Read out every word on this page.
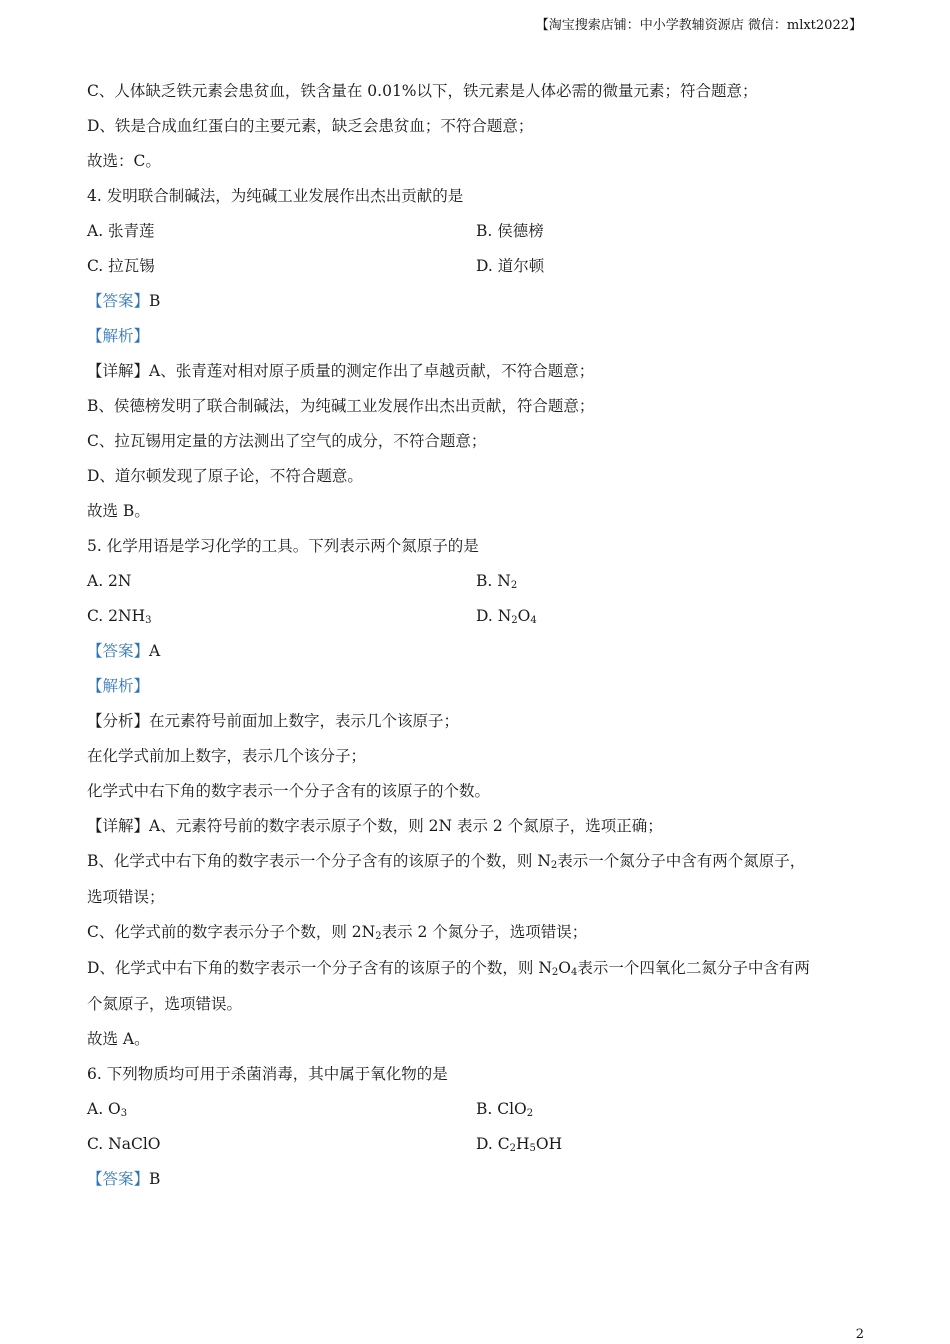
【淘宝搜索店铺：中小学教辅资源店 微信：mlxt2022】
C、人体缺乏铁元素会患贫血，铁含量在 0.01%以下，铁元素是人体必需的微量元素；符合题意；
D、铁是合成血红蛋白的主要元素，缺乏会患贫血；不符合题意；
故选：C。
4. 发明联合制碱法，为纯碱工业发展作出杰出贡献的是
A. 张青莲	B. 侯德榜
C. 拉瓦锡	D. 道尔顿
【答案】B
【解析】
【详解】A、张青莲对相对原子质量的测定作出了卓越贡献，不符合题意；
B、侯德榜发明了联合制碱法，为纯碱工业发展作出杰出贡献，符合题意；
C、拉瓦锡用定量的方法测出了空气的成分，不符合题意；
D、道尔顿发现了原子论，不符合题意。
故选 B。
5. 化学用语是学习化学的工具。下列表示两个氮原子的是
A. 2N	B. $N_2$
C. $2NH_3$	D. $N_2O_4$
【答案】A
【解析】
【分析】在元素符号前面加上数字，表示几个该原子；
在化学式前加上数字，表示几个该分子；
化学式中右下角的数字表示一个分子含有的该原子的个数。
【详解】A、元素符号前的数字表示原子个数，则 2N 表示 2 个氮原子，选项正确；
B、化学式中右下角的数字表示一个分子含有的该原子的个数，则 $N_2$表示一个氮分子中含有两个氮原子，
选项错误；
C、化学式前的数字表示分子个数，则 $2N_2$表示 2 个氮分子，选项错误；
D、化学式中右下角的数字表示一个分子含有的该原子的个数，则 $N_2O_4$表示一个四氧化二氮分子中含有两
个氮原子，选项错误。
故选 A。
6. 下列物质均可用于杀菌消毒，其中属于氧化物的是
A. $O_3$	B. ClO$_2$
C. NaClO	D. $C_2H_5OH$
【答案】B
2
